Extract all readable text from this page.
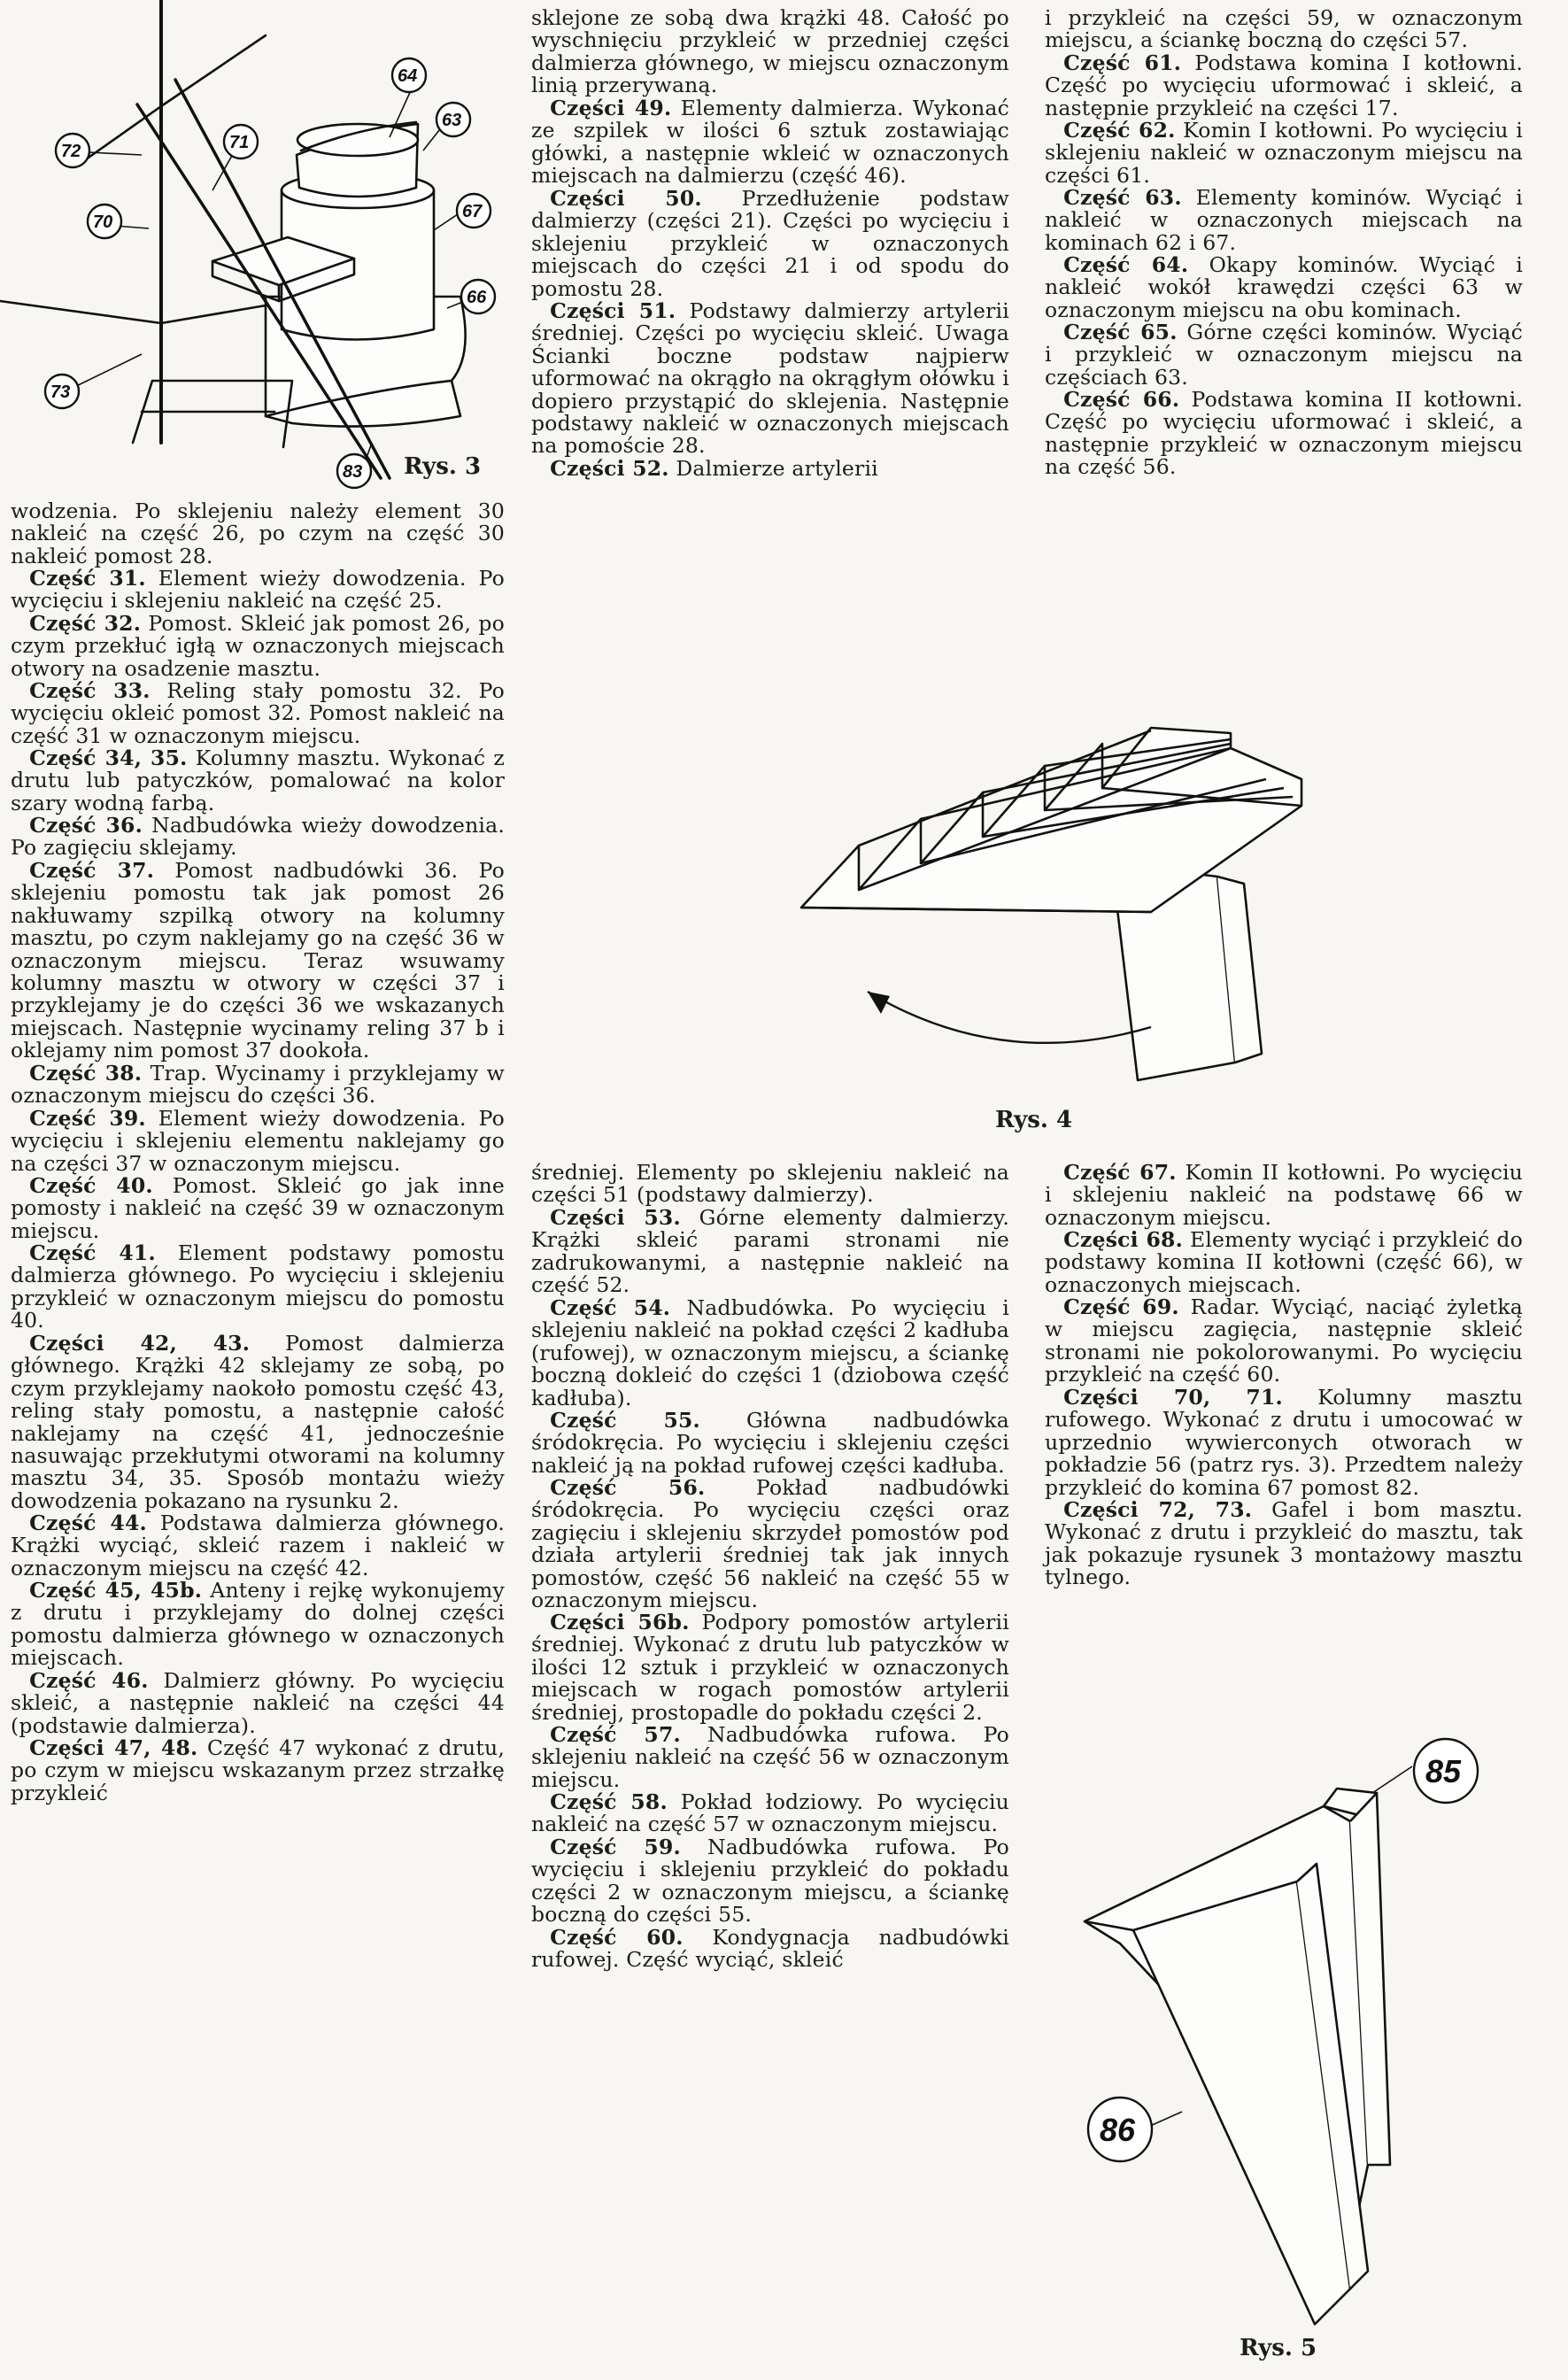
64
63
72	71
67
70
66
73
83 Rys. 3
Rys. 4
85
86
Rys. 5

wodzenia. Po sklejeniu należy element 30 nakleić na część 26, po czym na część 30 nakleić pomost 28.

Część 31. Element wieży dowodzenia. Po wycięciu i sklejeniu nakleić na część 25.

Część 32. Pomost. Skleić jak pomost 26, po czym przekłuć igłą w oznaczonych miejscach otwory na osadzenie masztu.

Część 33. Reling stały pomostu 32. Po wycięciu okleić pomost 32. Pomost nakleić na część 31 w oznaczonym miejscu.

Część 34, 35. Kolumny masztu. Wykonać z drutu lub patyczków, pomalować na kolor szary wodną farbą.

Część 36. Nadbudówka wieży dowodzenia. Po zagięciu sklejamy.

Część 37. Pomost nadbudówki 36. Po sklejeniu pomostu tak jak pomost 26 nakłuwamy szpilką otwory na kolumny masztu, po czym naklejamy go na część 36 w oznaczonym miejscu. Teraz wsuwamy kolumny masztu w otwory w części 37 i przyklejamy je do części 36 we wskazanych miejscach. Następnie wycinamy reling 37 b i oklejamy nim pomost 37 dookoła.

Część 38. Trap. Wycinamy i przyklejamy w oznaczonym miejscu do części 36.

Część 39. Element wieży dowodzenia. Po wycięciu i sklejeniu elementu naklejamy go na części 37 w oznaczonym miejscu.

Część 40. Pomost. Skleić go jak inne pomosty i nakleić na część 39 w oznaczonym miejscu.

Część 41. Element podstawy pomostu dalmierza głównego. Po wycięciu i sklejeniu przykleić w oznaczonym miejscu do pomostu 40.

Części 42, 43. Pomost dalmierza głównego. Krążki 42 sklejamy ze sobą, po czym przyklejamy naokoło pomostu część 43, reling stały pomostu, a następnie całość naklejamy na część 41, jednocześnie nasuwając przekłutymi otworami na kolumny masztu 34, 35. Sposób montażu wieży dowodzenia pokazano na rysunku 2.

Część 44. Podstawa dalmierza głównego. Krążki wyciąć, skleić razem i nakleić w oznaczonym miejscu na część 42.

Część 45, 45b. Anteny i rejkę wykonujemy z drutu i przyklejamy do dolnej części pomostu dalmierza głównego w oznaczonych miejscach.

Część 46. Dalmierz główny. Po wycięciu skleić, a następnie nakleić na części 44 (podstawie dalmierza).

Części 47, 48. Część 47 wykonać z drutu, po czym w miejscu wskazanym przez strzałkę przykleić

sklejone ze sobą dwa krążki 48. Całość po wyschnięciu przykleić w przedniej części dalmierza głównego, w miejscu oznaczonym linią przerywaną.

Części 49. Elementy dalmierza. Wykonać ze szpilek w ilości 6 sztuk zostawiając główki, a następnie wkleić w oznaczonych miejscach na dalmierzu (część 46).

Części 50. Przedłużenie podstaw dalmierzy (części 21). Części po wycięciu i sklejeniu przykleić w oznaczonych miejscach do części 21 i od spodu do pomostu 28.

Części 51. Podstawy dalmierzy artylerii średniej. Części po wycięciu skleić. Uwaga Ścianki boczne podstaw najpierw uformować na okrągło na okrągłym ołówku i dopiero przystąpić do sklejenia. Następnie podstawy nakleić w oznaczonych miejscach na pomoście 28.

Części 52. Dalmierze artylerii

i przykleić na części 59, w oznaczonym miejscu, a ściankę boczną do części 57.

Część 61. Podstawa komina I kotłowni. Część po wycięciu uformować i skleić, a następnie przykleić na części 17.

Część 62. Komin I kotłowni. Po wycięciu i sklejeniu nakleić w oznaczonym miejscu na części 61.

Część 63. Elementy kominów. Wyciąć i nakleić w oznaczonych miejscach na kominach 62 i 67.

Część 64. Okapy kominów. Wyciąć i nakleić wokół krawędzi części 63 w oznaczonym miejscu na obu kominach.

Część 65. Górne części kominów. Wyciąć i przykleić w oznaczonym miejscu na częściach 63.

Część 66. Podstawa komina II kotłowni. Część po wycięciu uformować i skleić, a następnie przykleić w oznaczonym miejscu na część 56.

średniej. Elementy po sklejeniu nakleić na części 51 (podstawy dalmierzy).

Części 53. Górne elementy dalmierzy. Krążki skleić parami stronami nie zadrukowanymi, a następnie nakleić na część 52.

Część 54. Nadbudówka. Po wycięciu i sklejeniu nakleić na pokład części 2 kadłuba (rufowej), w oznaczonym miejscu, a ściankę boczną dokleić do części 1 (dziobowa część kadłuba).

Część 55. Główna nadbudówka śródokręcia. Po wycięciu i sklejeniu części nakleić ją na pokład rufowej części kadłuba.

Część 56. Pokład nadbudówki śródokręcia. Po wycięciu części oraz zagięciu i sklejeniu skrzydeł pomostów pod działa artylerii średniej tak jak innych pomostów, część 56 nakleić na część 55 w oznaczonym miejscu.

Części 56b. Podpory pomostów artylerii średniej. Wykonać z drutu lub patyczków w ilości 12 sztuk i przykleić w oznaczonych miejscach w rogach pomostów artylerii średniej, prostopadle do pokładu części 2.

Część 57. Nadbudówka rufowa. Po sklejeniu nakleić na część 56 w oznaczonym miejscu.

Część 58. Pokład łodziowy. Po wycięciu nakleić na część 57 w oznaczonym miejscu.

Część 59. Nadbudówka rufowa. Po wycięciu i sklejeniu przykleić do pokładu części 2 w oznaczonym miejscu, a ściankę boczną do części 55.

Część 60. Kondygnacja nadbudówki rufowej. Część wyciąć, skleić

Część 67. Komin II kotłowni. Po wycięciu i sklejeniu nakleić na podstawę 66 w oznaczonym miejscu.

Części 68. Elementy wyciąć i przykleić do podstawy komina II kotłowni (część 66), w oznaczonych miejscach.

Część 69. Radar. Wyciąć, naciąć żyletką w miejscu zagięcia, następnie skleić stronami nie pokolorowanymi. Po wycięciu przykleić na część 60.

Części 70, 71. Kolumny masztu rufowego. Wykonać z drutu i umocować w uprzednio wywierconych otworach w pokładzie 56 (patrz rys. 3). Przedtem należy przykleić do komina 67 pomost 82.

Części 72, 73. Gafel i bom masztu. Wykonać z drutu i przykleić do masztu, tak jak pokazuje rysunek 3 montażowy masztu tylnego.
